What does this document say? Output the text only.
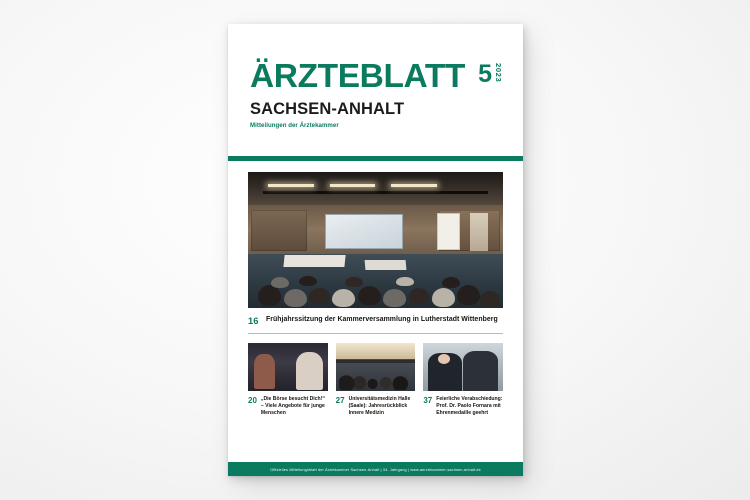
ÄRZTEBLATT
SACHSEN-ANHALT
Mitteilungen der Ärztekammer
5 2023
16 Frühjahrssitzung der Kammerversammlung in Lutherstadt Wittenberg
20 „Die Börse besucht Dich!“ – Viele Angebote für junge Menschen
27 Universitätsmedizin Halle (Saale): Jahresrückblick Innere Medizin
37 Feierliche Verabschiedung: Prof. Dr. Paolo Fornara mit Ehrenmedaille geehrt
Offizielles Mitteilungsblatt der Ärztekammer Sachsen-Anhalt | 34. Jahrgang | www.aerztekammer-sachsen-anhalt.de
